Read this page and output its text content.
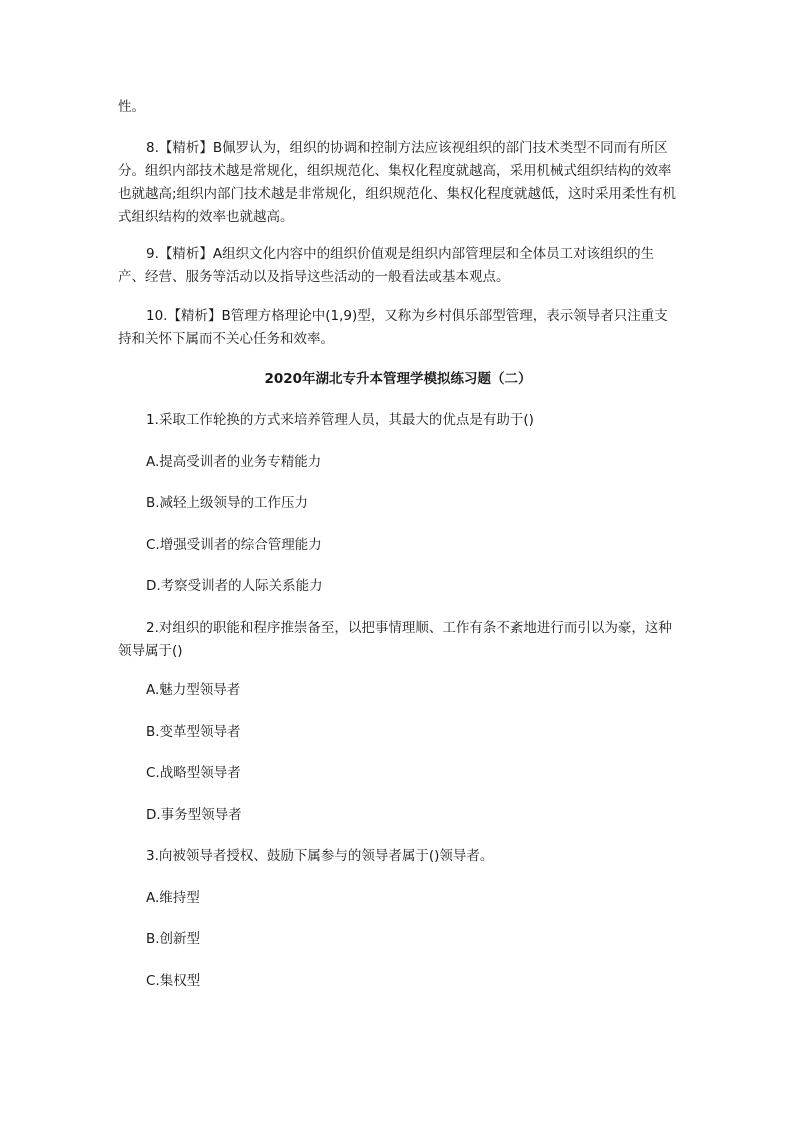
性。

8.【精析】B佩罗认为，组织的协调和控制方法应该视组织的部门技术类型不同而有所区分。组织内部技术越是常规化，组织规范化、集权化程度就越高，采用机械式组织结构的效率也就越高;组织内部门技术越是非常规化，组织规范化、集权化程度就越低，这时采用柔性有机式组织结构的效率也就越高。

9.【精析】A组织文化内容中的组织价值观是组织内部管理层和全体员工对该组织的生产、经营、服务等活动以及指导这些活动的一般看法或基本观点。

10.【精析】B管理方格理论中(1,9)型，又称为乡村俱乐部型管理，表示领导者只注重支持和关怀下属而不关心任务和效率。

2020年湖北专升本管理学模拟练习题（二）

1.采取工作轮换的方式来培养管理人员，其最大的优点是有助于()

A.提高受训者的业务专精能力

B.减轻上级领导的工作压力

C.增强受训者的综合管理能力

D.考察受训者的人际关系能力

2.对组织的职能和程序推崇备至，以把事情理顺、工作有条不紊地进行而引以为豪，这种领导属于()

A.魅力型领导者

B.变革型领导者

C.战略型领导者

D.事务型领导者

3.向被领导者授权、鼓励下属参与的领导者属于()领导者。

A.维持型

B.创新型

C.集权型
